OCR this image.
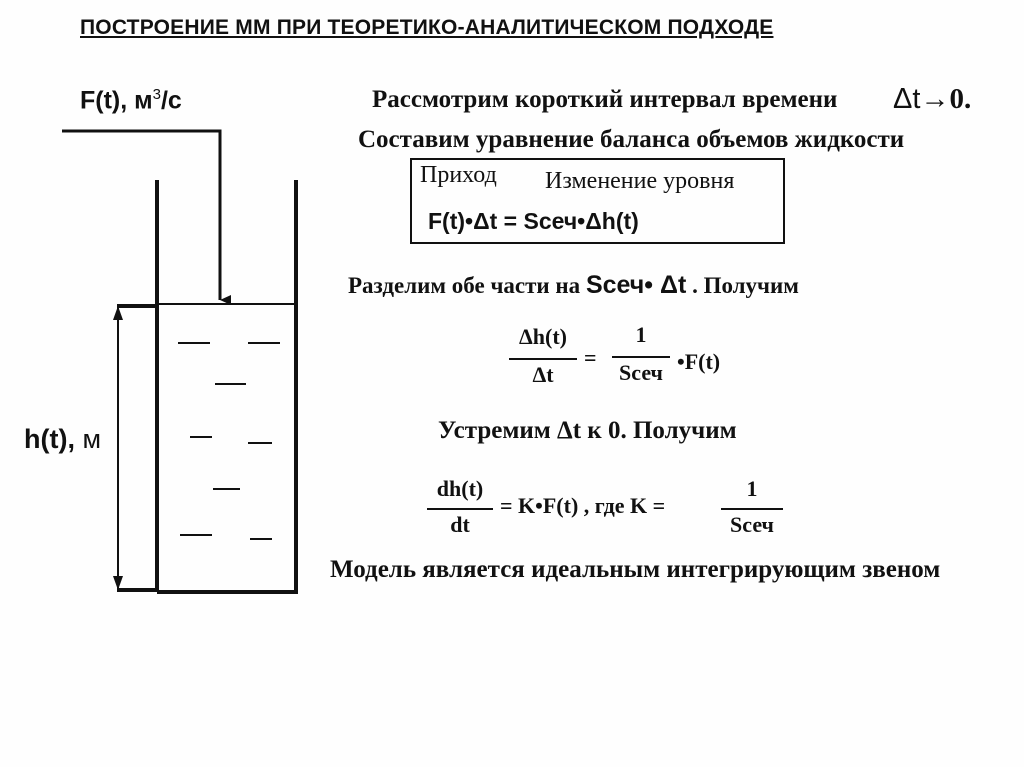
ПОСТРОЕНИЕ ММ ПРИ ТЕОРЕТИКО-АНАЛИТИЧЕСКОМ ПОДХОДЕ
F(t), $м^3/с$
h(t), м
Рассмотрим короткий интервал времени Δt→0.
Составим уравнение баланса объемов жидкости
Приход Изменение уровня
F(t)•Δt = Sсеч•Δh(t)
Разделим обе части на Sсеч• Δt . Получим
Δh(t)
Δt
=
1
Sсеч •F(t)
Устремим Δt к 0. Получим
dh(t)
dt
= K•F(t) , где K =
1
Sсеч
Модель является идеальным интегрирующим звеном
